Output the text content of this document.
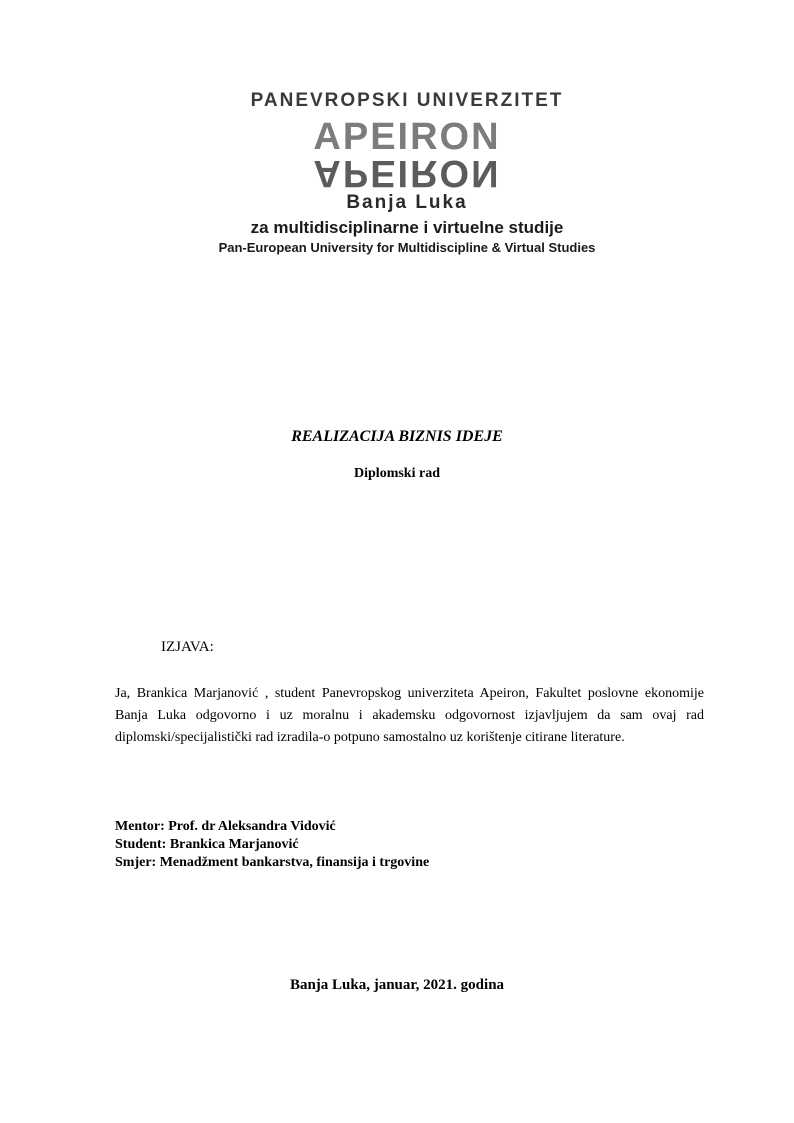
PANEVROPSKI UNIVERZITET
APEIRON
APEIRON
Banja Luka
za multidisciplinarne i virtuelne studije
Pan-European University for Multidiscipline & Virtual Studies
REALIZACIJA BIZNIS IDEJE
Diplomski rad
IZJAVA:

Ja, Brankica Marjanović , student Panevropskog univerziteta Apeiron, Fakultet poslovne ekonomije Banja Luka odgovorno i uz moralnu i akademsku odgovornost izjavljujem da sam ovaj rad diplomski/specijalistički rad izradila-o potpuno samostalno uz korištenje citirane literature.

Mentor: Prof. dr Aleksandra Vidović
Student: Brankica Marjanović
Smjer: Menadžment bankarstva, finansija i trgovine
Banja Luka, januar, 2021. godina
